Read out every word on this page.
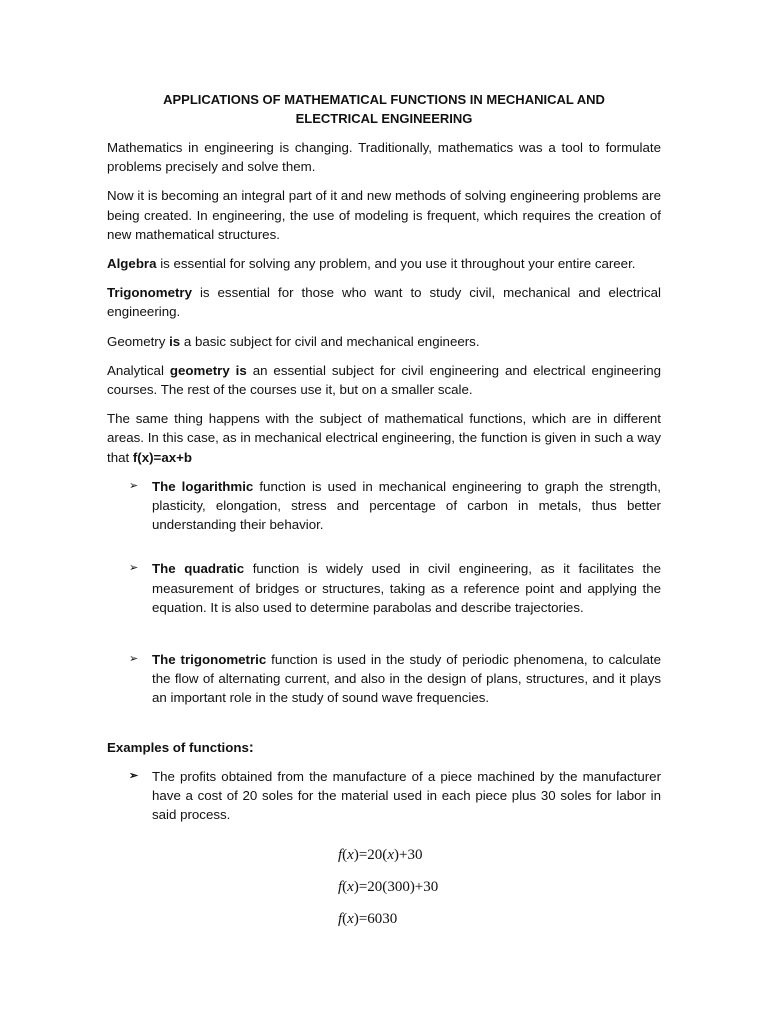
APPLICATIONS OF MATHEMATICAL FUNCTIONS IN MECHANICAL AND ELECTRICAL ENGINEERING

Mathematics in engineering is changing. Traditionally, mathematics was a tool to formulate problems precisely and solve them.

Now it is becoming an integral part of it and new methods of solving engineering problems are being created. In engineering, the use of modeling is frequent, which requires the creation of new mathematical structures.

Algebra is essential for solving any problem, and you use it throughout your entire career.

Trigonometry is essential for those who want to study civil, mechanical and electrical engineering.

Geometry is a basic subject for civil and mechanical engineers.

Analytical geometry is an essential subject for civil engineering and electrical engineering courses. The rest of the courses use it, but on a smaller scale.

The same thing happens with the subject of mathematical functions, which are in different areas. In this case, as in mechanical electrical engineering, the function is given in such a way that f(x)=ax+b

➢ The logarithmic function is used in mechanical engineering to graph the strength, plasticity, elongation, stress and percentage of carbon in metals, thus better understanding their behavior.
➢ The quadratic function is widely used in civil engineering, as it facilitates the measurement of bridges or structures, taking as a reference point and applying the equation. It is also used to determine parabolas and describe trajectories.
➢ The trigonometric function is used in the study of periodic phenomena, to calculate the flow of alternating current, and also in the design of plans, structures, and it plays an important role in the study of sound wave frequencies.
Examples of functions:
➢ The profits obtained from the manufacture of a piece machined by the manufacturer have a cost of 20 soles for the material used in each piece plus 30 soles for labor in said process.
f(x)=20(x)+30
f(x)=20(300)+30
f(x)=6030
